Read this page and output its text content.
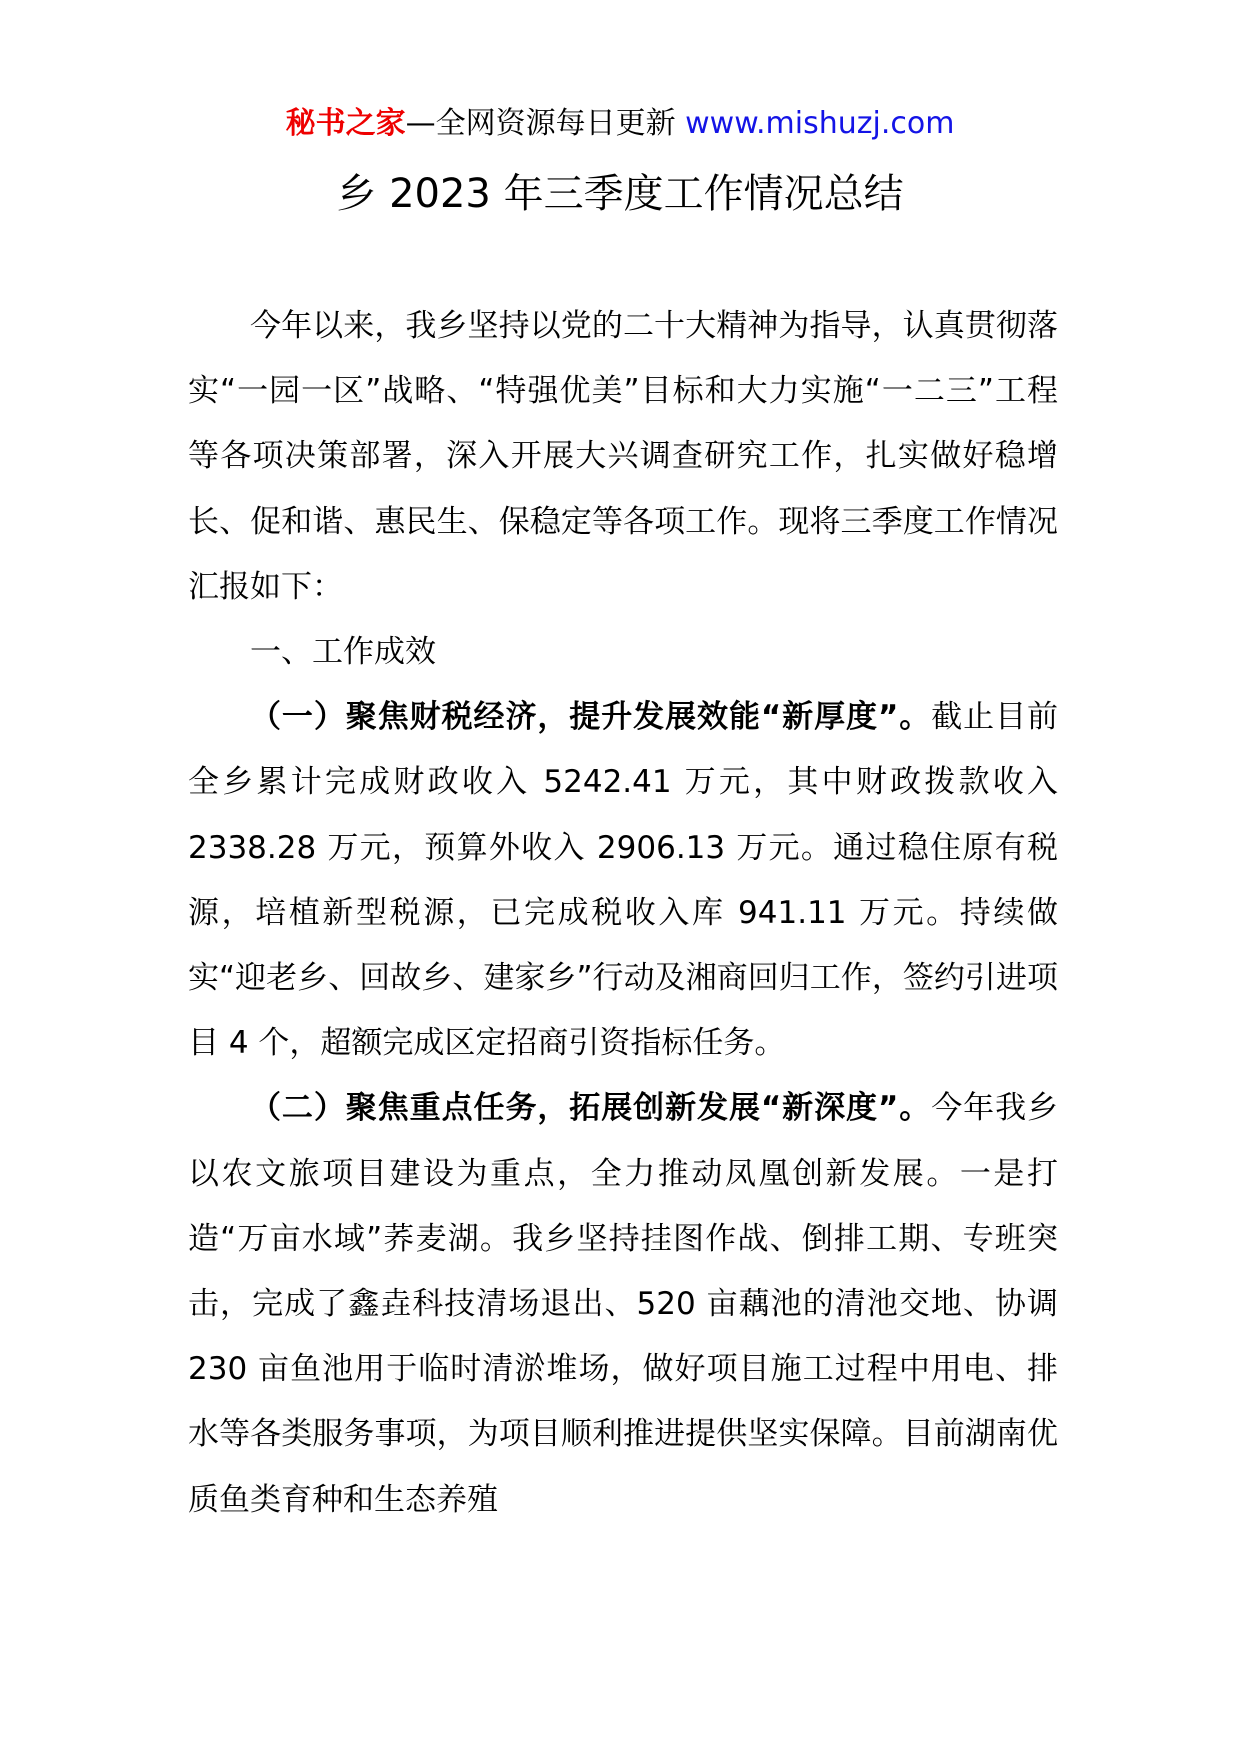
秘书之家—全网资源每日更新 www.mishuzj.com
乡 2023 年三季度工作情况总结

今年以来，我乡坚持以党的二十大精神为指导，认真贯彻落实“一园一区”战略、“特强优美”目标和大力实施“一二三”工程等各项决策部署，深入开展大兴调查研究工作，扎实做好稳增长、促和谐、惠民生、保稳定等各项工作。现将三季度工作情况汇报如下：

一、工作成效

（一）聚焦财税经济，提升发展效能“新厚度”。截止目前全乡累计完成财政收入 5242.41 万元，其中财政拨款收入 2338.28 万元，预算外收入 2906.13 万元。通过稳住原有税源，培植新型税源，已完成税收入库 941.11 万元。持续做实“迎老乡、回故乡、建家乡”行动及湘商回归工作，签约引进项目 4 个，超额完成区定招商引资指标任务。

（二）聚焦重点任务，拓展创新发展“新深度”。今年我乡以农文旅项目建设为重点，全力推动凤凰创新发展。一是打造“万亩水域”荞麦湖。我乡坚持挂图作战、倒排工期、专班突击，完成了鑫垚科技清场退出、520 亩藕池的清池交地、协调 230 亩鱼池用于临时清淤堆场，做好项目施工过程中用电、排水等各类服务事项，为项目顺利推进提供坚实保障。目前湖南优质鱼类育种和生态养殖
